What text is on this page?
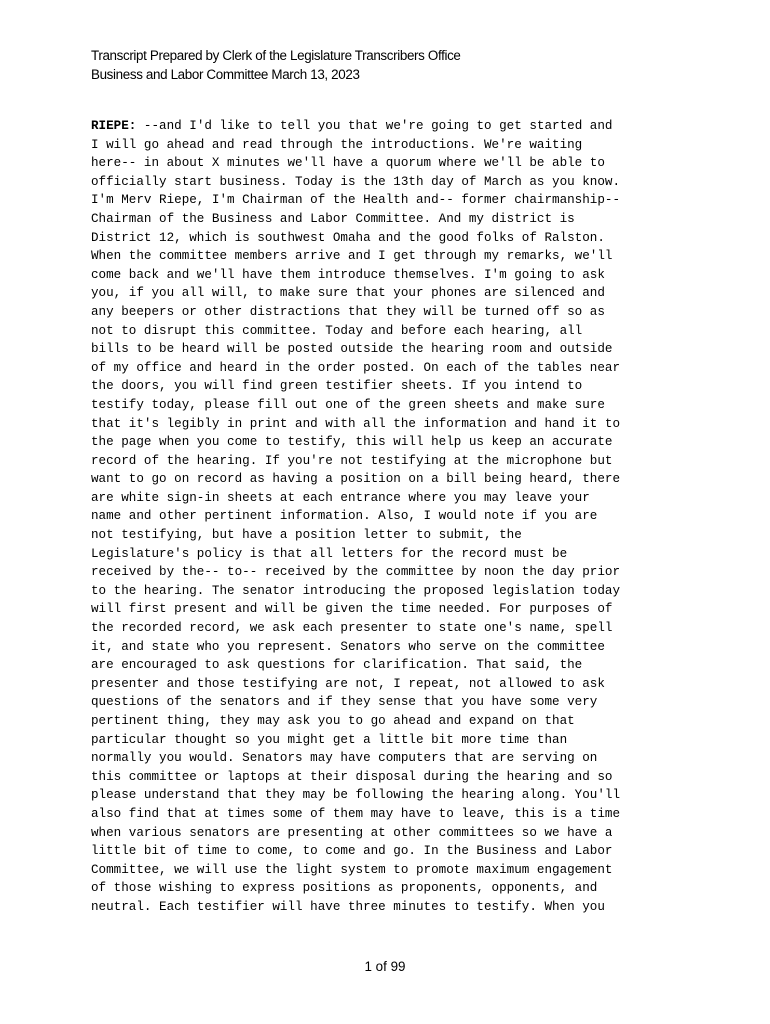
Transcript Prepared by Clerk of the Legislature Transcribers Office
Business and Labor Committee March 13, 2023
RIEPE: --and I'd like to tell you that we're going to get started and
I will go ahead and read through the introductions. We're waiting
here-- in about X minutes we'll have a quorum where we'll be able to
officially start business. Today is the 13th day of March as you know.
I'm Merv Riepe, I'm Chairman of the Health and-- former chairmanship--
Chairman of the Business and Labor Committee. And my district is
District 12, which is southwest Omaha and the good folks of Ralston.
When the committee members arrive and I get through my remarks, we'll
come back and we'll have them introduce themselves. I'm going to ask
you, if you all will, to make sure that your phones are silenced and
any beepers or other distractions that they will be turned off so as
not to disrupt this committee. Today and before each hearing, all
bills to be heard will be posted outside the hearing room and outside
of my office and heard in the order posted. On each of the tables near
the doors, you will find green testifier sheets. If you intend to
testify today, please fill out one of the green sheets and make sure
that it's legibly in print and with all the information and hand it to
the page when you come to testify, this will help us keep an accurate
record of the hearing. If you're not testifying at the microphone but
want to go on record as having a position on a bill being heard, there
are white sign-in sheets at each entrance where you may leave your
name and other pertinent information. Also, I would note if you are
not testifying, but have a position letter to submit, the
Legislature's policy is that all letters for the record must be
received by the-- to-- received by the committee by noon the day prior
to the hearing. The senator introducing the proposed legislation today
will first present and will be given the time needed. For purposes of
the recorded record, we ask each presenter to state one's name, spell
it, and state who you represent. Senators who serve on the committee
are encouraged to ask questions for clarification. That said, the
presenter and those testifying are not, I repeat, not allowed to ask
questions of the senators and if they sense that you have some very
pertinent thing, they may ask you to go ahead and expand on that
particular thought so you might get a little bit more time than
normally you would. Senators may have computers that are serving on
this committee or laptops at their disposal during the hearing and so
please understand that they may be following the hearing along. You'll
also find that at times some of them may have to leave, this is a time
when various senators are presenting at other committees so we have a
little bit of time to come, to come and go. In the Business and Labor
Committee, we will use the light system to promote maximum engagement
of those wishing to express positions as proponents, opponents, and
neutral. Each testifier will have three minutes to testify. When you
1 of 99
